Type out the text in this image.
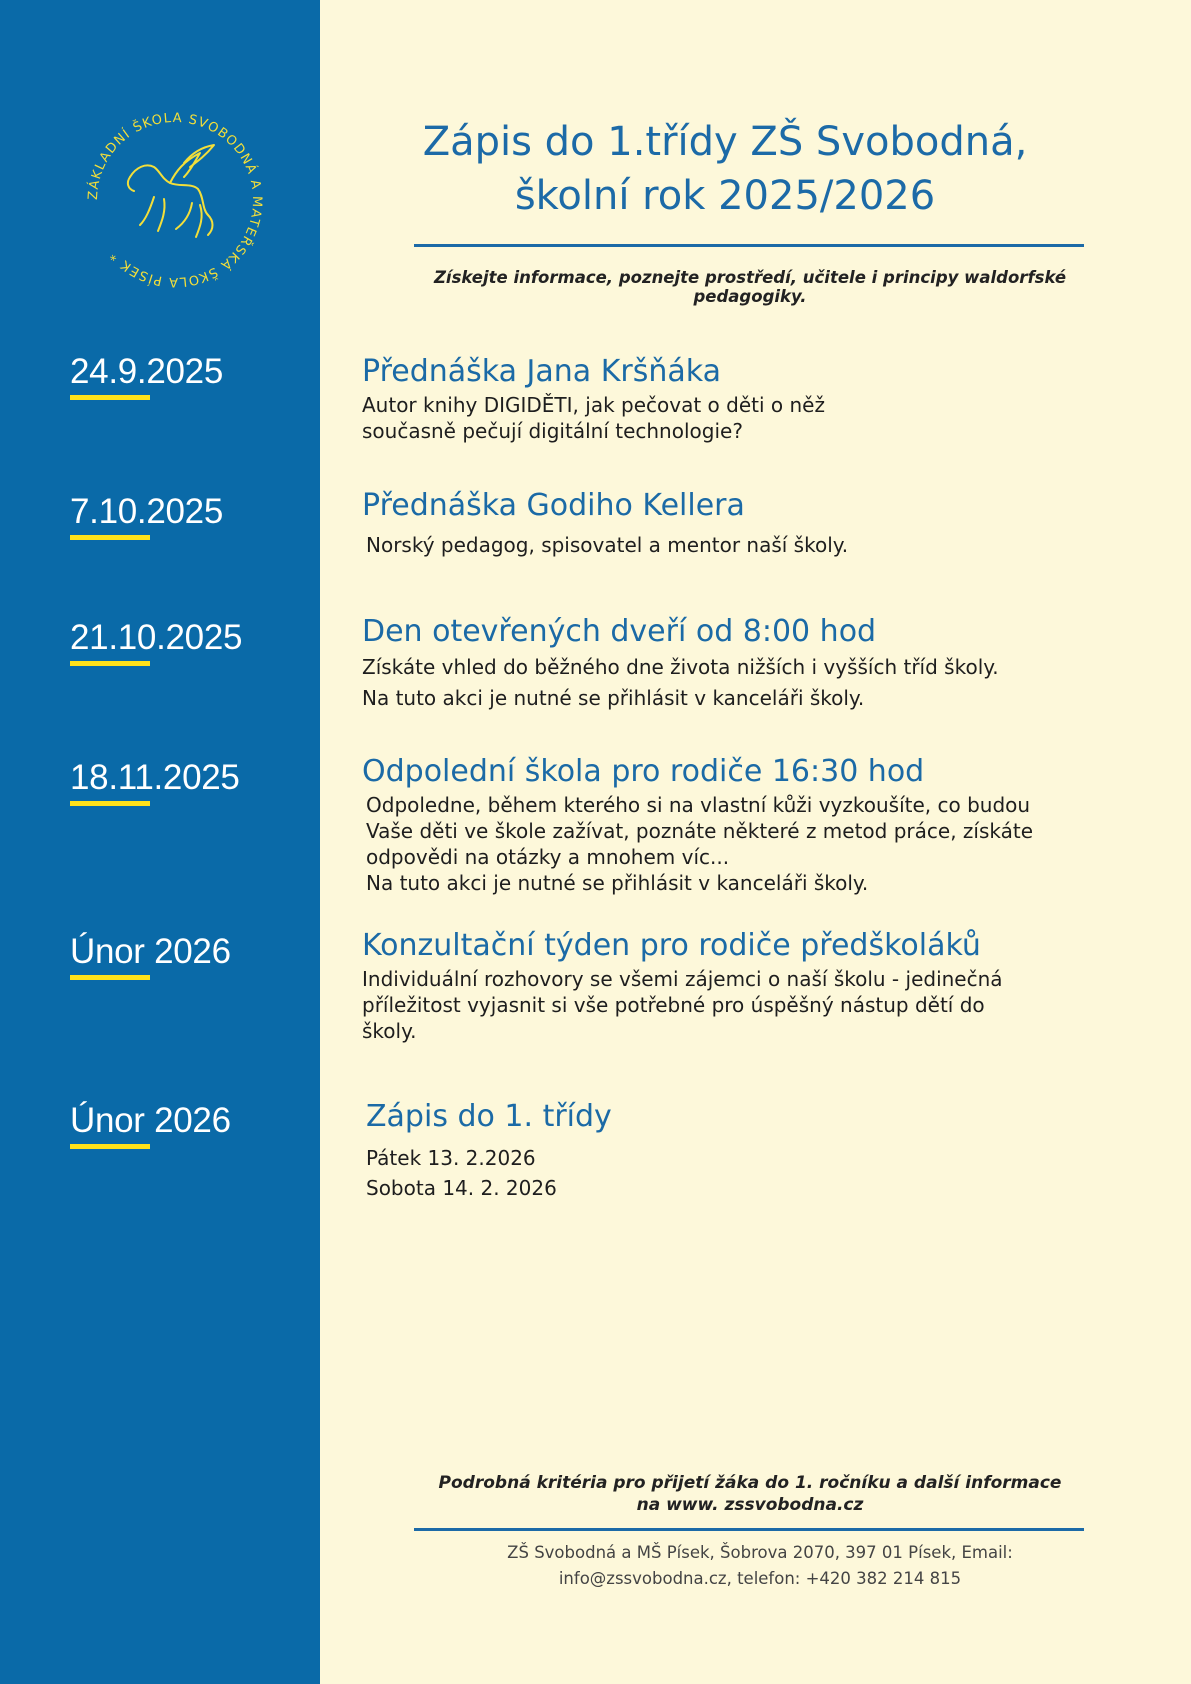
ZÁKLADNÍ ŠKOLA SVOBODNÁ A MATEŘSKÁ ŠKOLA PÍSEK *
24.9.2025
7.10.2025
21.10.2025
18.11.2025
Únor 2026
Únor 2026
Zápis do 1.třídy ZŠ Svobodná,
školní rok 2025/2026
Získejte informace, poznejte prostředí, učitele i principy waldorfské pedagogiky.
Přednáška Jana Kršňáka

Autor knihy DIGIDĚTI, jak pečovat o děti o něž
současně pečují digitální technologie?

Přednáška Godiho Kellera

Norský pedagog, spisovatel a mentor naší školy.

Den otevřených dveří od 8:00 hod

Získáte vhled do běžného dne života nižších i vyšších tříd školy.
Na tuto akci je nutné se přihlásit v kanceláři školy.

Odpolední škola pro rodiče 16:30 hod

Odpoledne, během kterého si na vlastní kůži vyzkoušíte, co budou
Vaše děti ve škole zažívat, poznáte některé z metod práce, získáte
odpovědi na otázky a mnohem víc...
Na tuto akci je nutné se přihlásit v kanceláři školy.

Konzultační týden pro rodiče předškoláků

Individuální rozhovory se všemi zájemci o naší školu - jedinečná
příležitost vyjasnit si vše potřebné pro úspěšný nástup dětí do
školy.

Zápis do 1. třídy

Pátek 13. 2.2026
Sobota 14. 2. 2026

Podrobná kritéria pro přijetí žáka do 1. ročníku a další informace
na www. zssvobodna.cz
ZŠ Svobodná a MŠ Písek, Šobrova 2070, 397 01 Písek, Email:
info@zssvobodna.cz, telefon: +420 382 214 815
